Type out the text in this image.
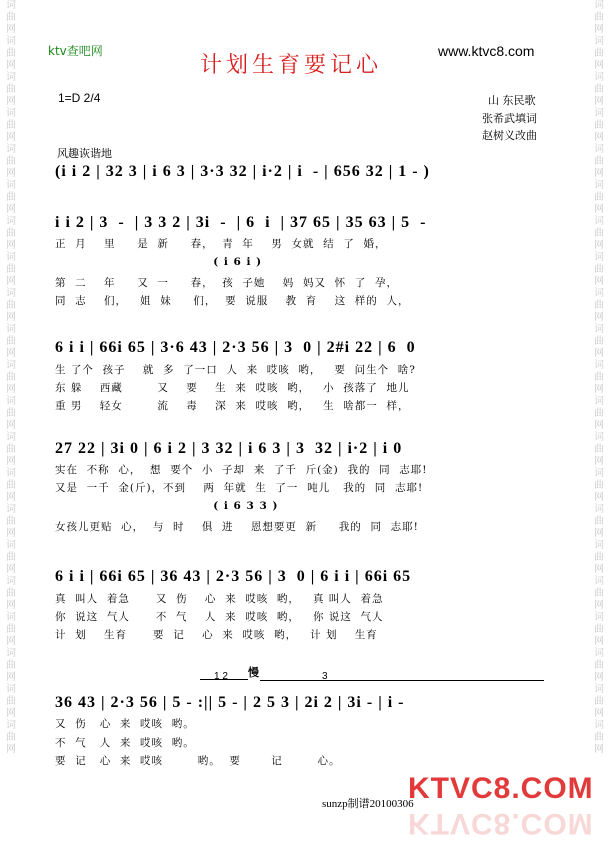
词
曲
网
词
曲
网
词
曲
网
词
曲
网
词
曲
网
词
曲
网
词
曲
网
词
曲
网
词
曲
网
词
曲
网
词
曲
网
词
曲
网
词
曲
网
词
曲
网
词
曲
网
词
曲
网
词
曲
网
词
曲
网
词
曲
网
词
曲
网
词
曲
网
词
曲
网
词
曲
网
词
曲
网
词
曲
网
词
曲
网
词
曲
网
词
曲
网
词
曲
网
词
曲
网
词
曲
网
词
曲
网
词
曲
网
词
曲
网
词
曲
网
词
曲
网
词
曲
网
词
曲
网
词
曲
网
词
曲
网
词
曲
网
词
曲
网
ktv查吧网
计划生育要记心
www.ktvc8.com
1=D 2/4	山 东民歌
张希武填词
赵树义改曲
风趣诙谐地
(i i 2 | 32 3 | i 6 3 | 3·3 32 | i·2 | i  - | 656 32 | 1 - )
i i 2 | 3  -  | 3 3 2 | 3i  -  | 6  i  | 37 65 | 35 63 | 5  -
正  月    里     是  新     春，  青  年    男  女就  结  了  婚，
( i 6 i )
第  二    年     又  一     春，  孩  子她    妈  妈又  怀  了  孕，
同  志    们，   姐  妹     们，  要  说服    教  育    这  样的  人，
6 i i | 66i 65 | 3·6 43 | 2·3 56 | 3  0 | 2#i 22 | 6  0
生 了个  孩子    就  多  了一口  人  来  哎咳  哟，   要  问生个  啥?
东 躲    西藏        又    要    生  来  哎咳  哟，   小  孩落了  地儿
重 男    轻女        流    毒    深  来  哎咳  哟，   生  啥都一  样，
27 22 | 3i 0 | 6 i 2 | 3 32 | i 6 3 | 3  32 | i·2 | i 0
实在  不称  心，  想  要个  小  子却  来  了千  斤(金)  我的  同  志耶!
又是  一千  金(斤)，不到    两  年就  生  了一  吨儿   我的  同  志耶!
( i 6 3 3 )
女孩儿更贴  心，  与  时    俱  进    恩想要更  新     我的  同  志耶!
6 i i | 66i 65 | 36 43 | 2·3 56 | 3  0 | 6 i i | 66i 65
真  叫人  着急      又  伤    心  来  哎咳  哟，   真 叫人  着急
你  说这  气人      不  气    人  来  哎咳  哟，   你 说这  气人
计  划    生育      要  记    心  来  哎咳  哟，   计 划    生育
1 2 慢	3
36 43 | 2·3 56 | 5 - :|| 5 - | 2 5 3 | 2i 2 | 3i - | i -
又  伤   心  来  哎咳  哟。
不  气   人  来  哎咳  哟。
要  记   心  来  哎咳        哟。  要       记        心。
sunzp制谱20100306
KTVC8.COM
KTVC8.COM
